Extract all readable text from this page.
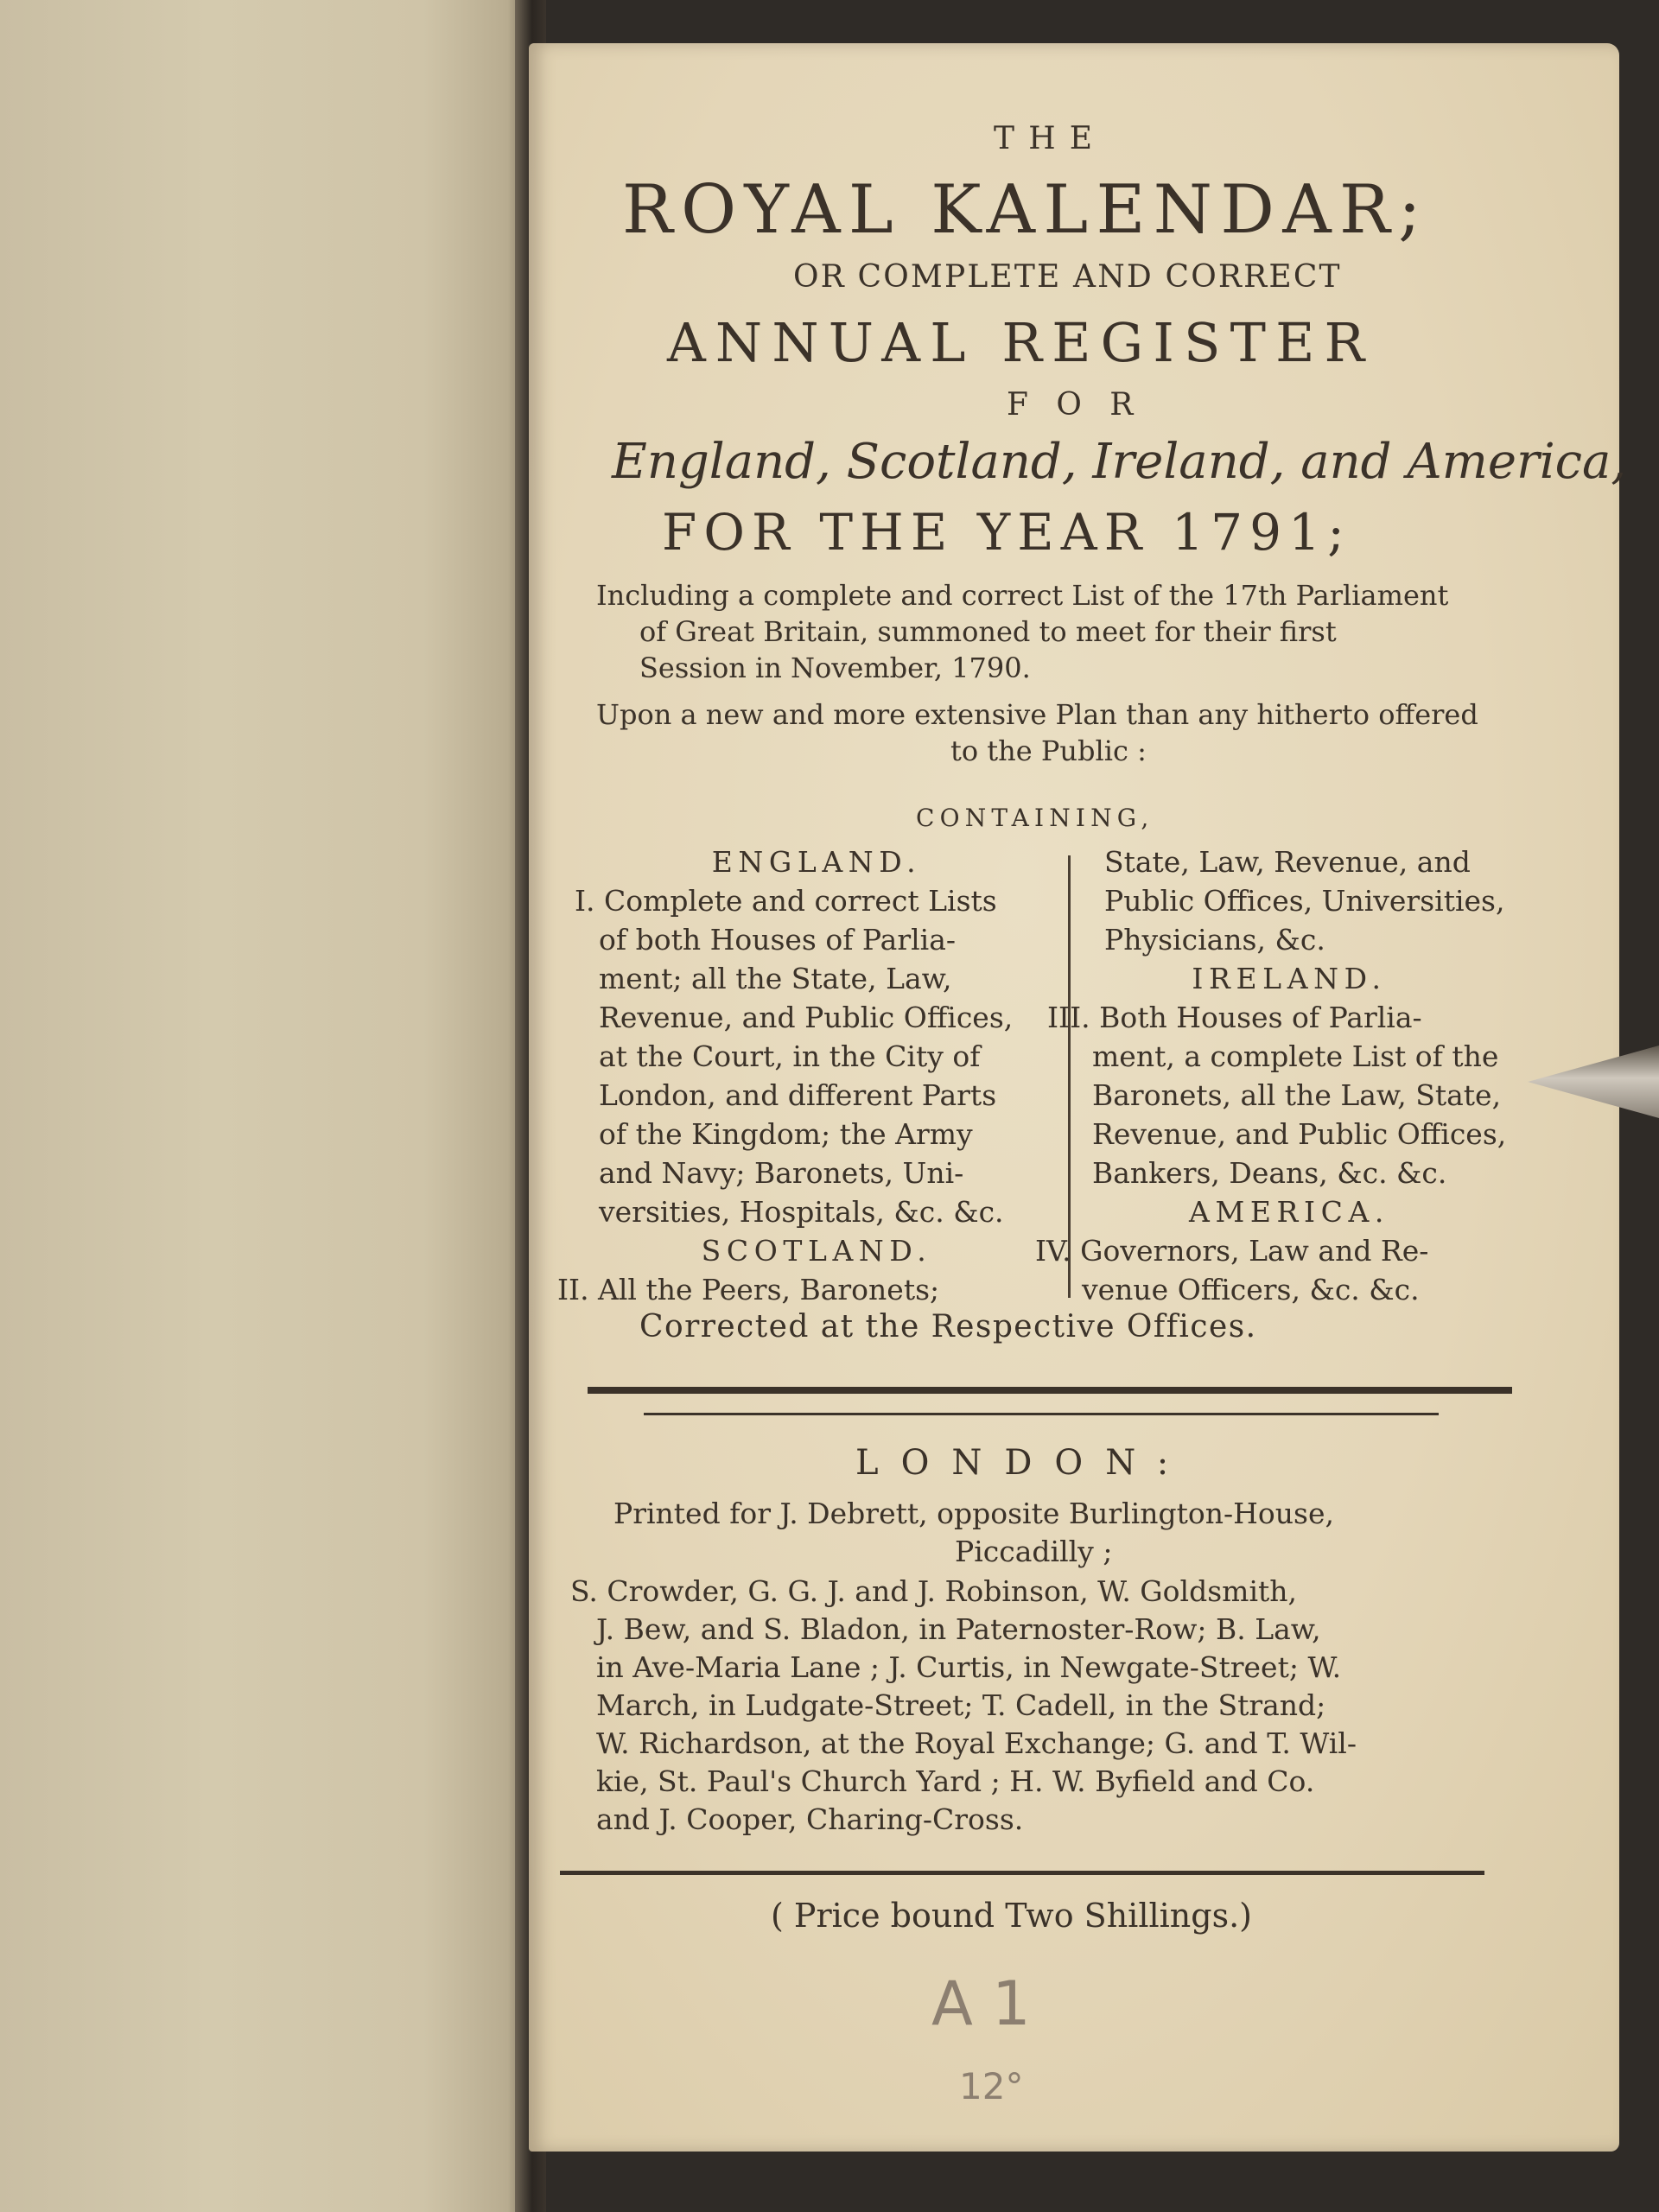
THE
ROYAL KALENDAR;
OR COMPLETE AND CORRECT
ANNUAL REGISTER
FOR
England, Scotland, Ireland, and America,
FOR THE YEAR 1791;
Including a complete and correct List of the 17th Parliament
of Great Britain, summoned to meet for their first
Session in November, 1790.
Upon a new and more extensive Plan than any hitherto offered
to the Public :
CONTAINING,
ENGLAND.
I. Complete and correct Lists
of both Houses of Parlia-
ment; all the State, Law,
Revenue, and Public Offices,
at the Court, in the City of
London, and different Parts
of the Kingdom; the Army
and Navy; Baronets, Uni-
versities, Hospitals, &c. &c.
SCOTLAND.
II. All the Peers, Baronets;
State, Law, Revenue, and
Public Offices, Universities,
Physicians, &c.
IRELAND.
III. Both Houses of Parlia-
ment, a complete List of the
Baronets, all the Law, State,
Revenue, and Public Offices,
Bankers, Deans, &c. &c.
AMERICA.
IV. Governors, Law and Re-
venue Officers, &c. &c.
Corrected at the Respective Offices.
LONDON:
Printed for J. Debrett, opposite Burlington-House,
Piccadilly ;
S. Crowder, G. G. J. and J. Robinson, W. Goldsmith,
J. Bew, and S. Bladon, in Paternoster-Row; B. Law,
in Ave-Maria Lane ; J. Curtis, in Newgate-Street; W.
March, in Ludgate-Street; T. Cadell, in the Strand;
W. Richardson, at the Royal Exchange; G. and T. Wil-
kie, St. Paul's Church Yard ; H. W. Byfield and Co.
and J. Cooper, Charing-Cross.
( Price bound Two Shillings.)
A 1
12°
